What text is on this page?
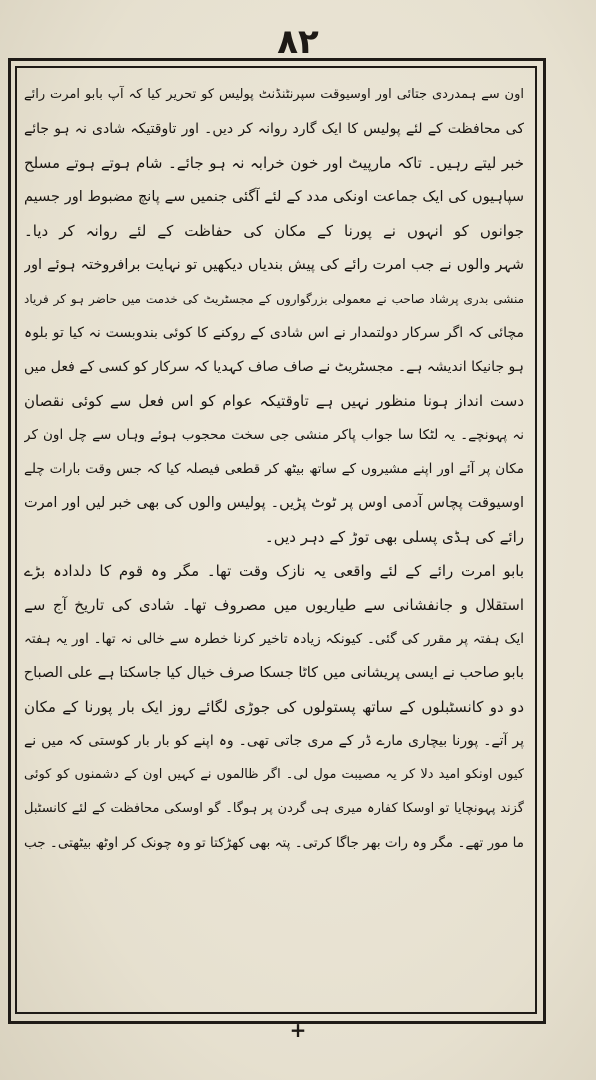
۸۲
اون سے ہمدردی جتائی اور اوسیوقت سپرنٹنڈنٹ پولیس کو تحریر کیا کہ آپ بابو امرت رائے
کی محافظت کے لئے پولیس کا ایک گارد روانہ کر دیں۔ اور تاوقتیکہ شادی نہ ہو جائے
خبر لیتے رہیں۔ تاکہ مارپیٹ اور خون خرابہ نہ ہو جائے۔ شام ہوتے ہوتے مسلح
سپاہیوں کی ایک جماعت اونکی مدد کے لئے آگئی جنمیں سے پانچ مضبوط اور جسیم
جوانوں کو انہوں نے پورنا کے مکان کی حفاظت کے لئے روانہ کر دیا۔
شہر والوں نے جب امرت رائے کی پیش بندیاں دیکھیں تو نہایت برافروختہ ہوئے اور
منشی بدری پرشاد صاحب نے معمولی بزرگواروں کے مجسٹریٹ کی خدمت میں حاضر ہو کر فریاد
مچائی کہ اگر سرکار دولتمدار نے اس شادی کے روکنے کا کوئی بندوبست نہ کیا تو بلوہ
ہو جانیکا اندیشہ ہے۔ مجسٹریٹ نے صاف صاف کہدیا کہ سرکار کو کسی کے فعل میں
دست انداز ہونا منظور نہیں ہے تاوقتیکہ عوام کو اس فعل سے کوئی نقصان
نہ پہونچے۔ یہ لٹکا سا جواب پاکر منشی جی سخت محجوب ہوئے وہاں سے چل اون کر
مکان پر آئے اور اپنے مشیروں کے ساتھ بیٹھ کر قطعی فیصلہ کیا کہ جس وقت بارات چلے
اوسیوقت پچاس آدمی اوس پر ٹوٹ پڑیں۔ پولیس والوں کی بھی خبر لیں اور امرت
رائے کی ہڈی پسلی بھی توڑ کے دہر دیں۔
بابو امرت رائے کے لئے واقعی یہ نازک وقت تھا۔ مگر وہ قوم کا دلدادہ بڑے
استقلال و جانفشانی سے طیاریوں میں مصروف تھا۔ شادی کی تاریخ آج سے
ایک ہفتہ پر مقرر کی گئی۔ کیونکہ زیادہ تاخیر کرنا خطرہ سے خالی نہ تھا۔ اور یہ ہفتہ
بابو صاحب نے ایسی پریشانی میں کاٹا جسکا صرف خیال کیا جاسکتا ہے علی الصباح
دو دو کانسٹبلوں کے ساتھ پستولوں کی جوڑی لگائے روز ایک بار پورنا کے مکان
پر آتے۔ پورنا بیچاری مارے ڈر کے مری جاتی تھی۔ وہ اپنے کو بار بار کوستی کہ میں نے
کیوں اونکو امید دلا کر یہ مصیبت مول لی۔ اگر ظالموں نے کہیں اون کے دشمنوں کو کوئی
گزند پہونچایا تو اوسکا کفارہ میری ہی گردن پر ہوگا۔ گو اوسکی محافظت کے لئے کانسٹبل
ما مور تھے۔ مگر وہ رات بھر جاگا کرتی۔ پتہ بھی کھڑکتا تو وہ چونک کر اوٹھ بیٹھتی۔ جب
+
